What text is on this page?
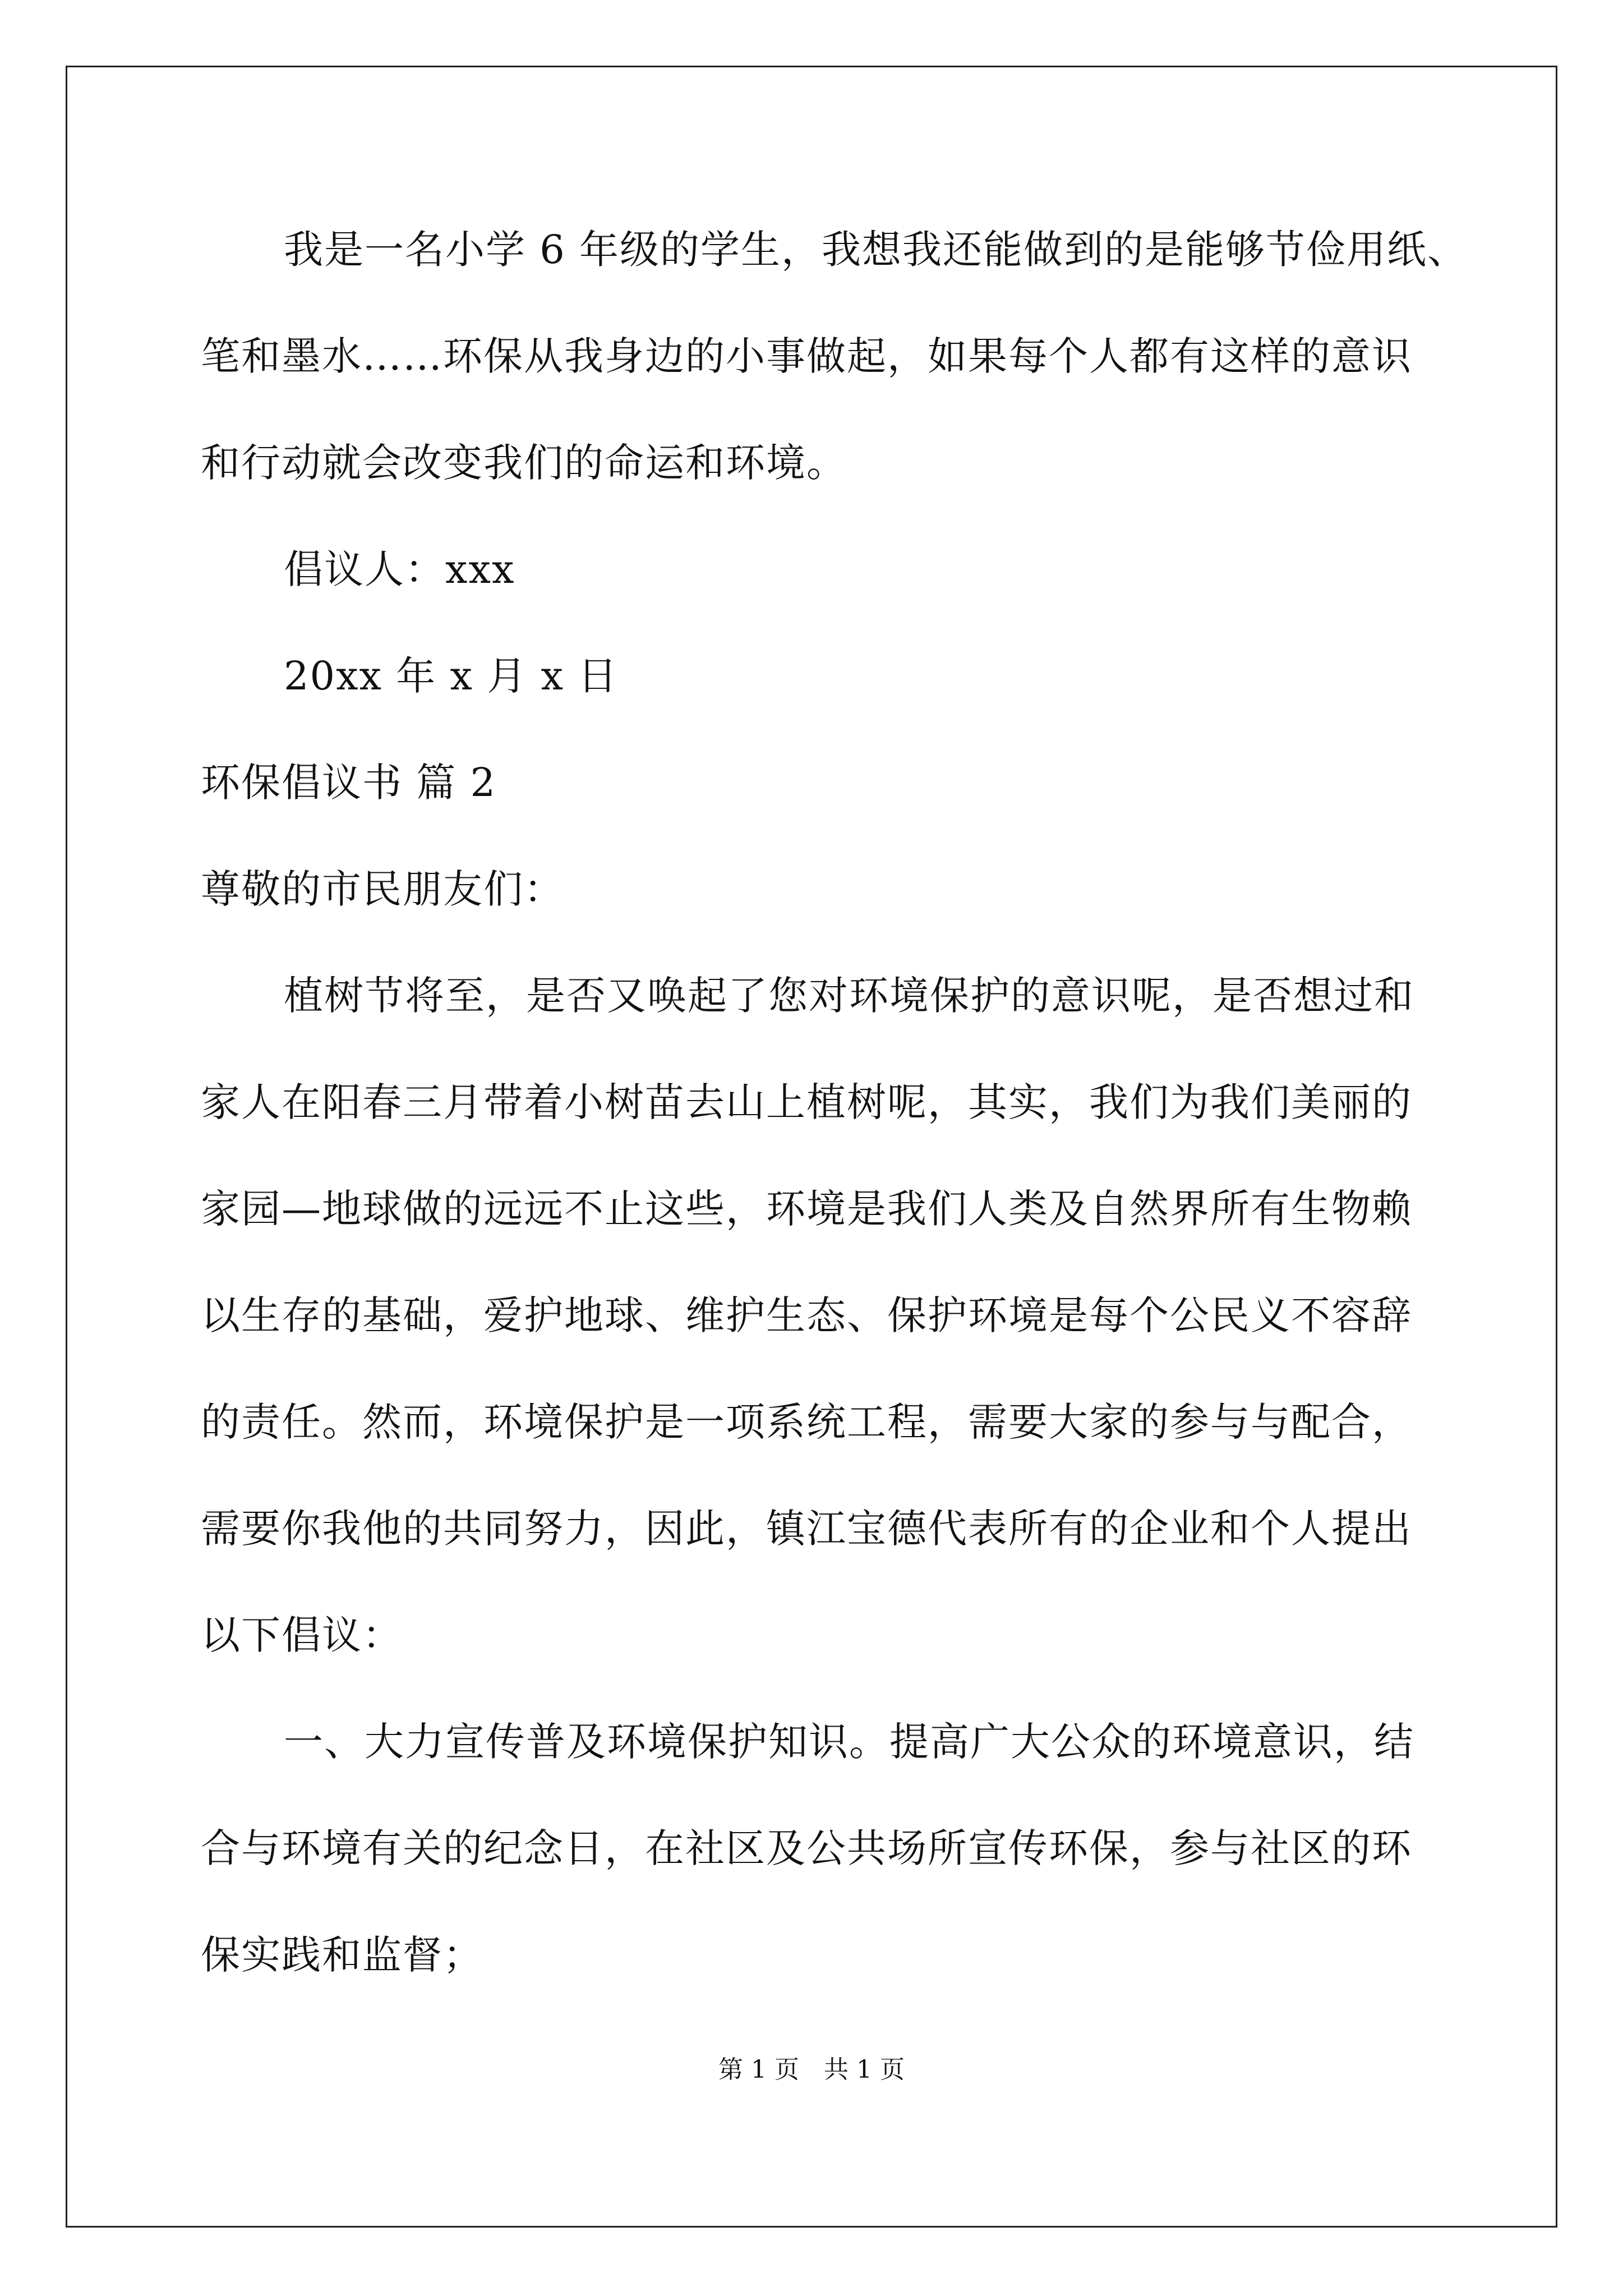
我是一名小学 6 年级的学生，我想我还能做到的是能够节俭用纸、
笔和墨水……环保从我身边的小事做起，如果每个人都有这样的意识
和行动就会改变我们的命运和环境。
倡议人：xxx
20xx 年 x 月 x 日
环保倡议书 篇 2
尊敬的市民朋友们：
植树节将至，是否又唤起了您对环境保护的意识呢，是否想过和
家人在阳春三月带着小树苗去山上植树呢，其实，我们为我们美丽的
家园—地球做的远远不止这些，环境是我们人类及自然界所有生物赖
以生存的基础，爱护地球、维护生态、保护环境是每个公民义不容辞
的责任。然而，环境保护是一项系统工程，需要大家的参与与配合，
需要你我他的共同努力，因此，镇江宝德代表所有的企业和个人提出
以下倡议：
一、大力宣传普及环境保护知识。提高广大公众的环境意识，结
合与环境有关的纪念日，在社区及公共场所宣传环保，参与社区的环
保实践和监督；
第 1 页 共 1 页
